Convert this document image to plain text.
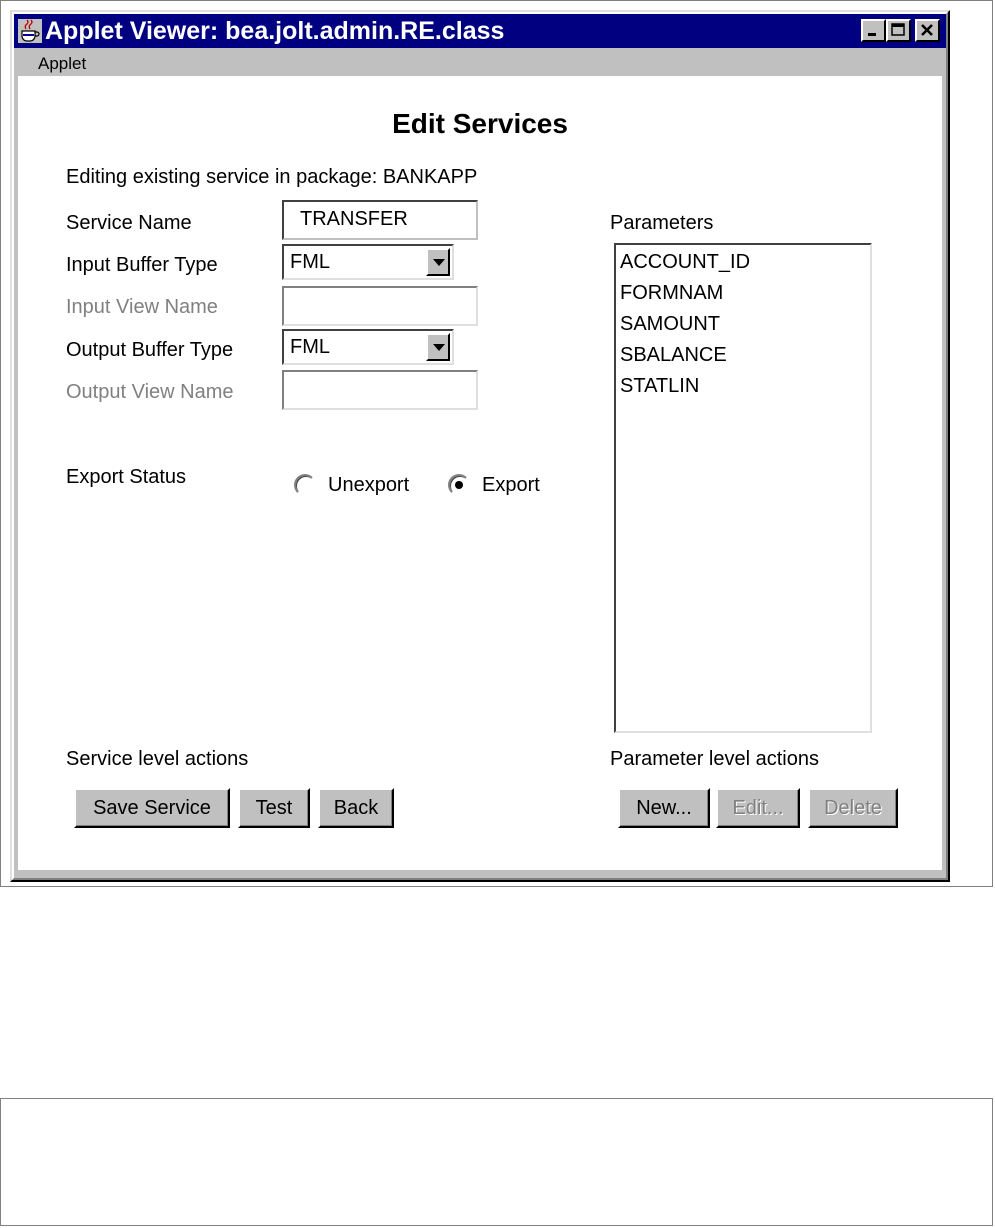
Applet Viewer: bea.jolt.admin.RE.class
Applet
Edit Services
Editing existing service in package: BANKAPP
Service Name	TRANSFER
Input Buffer Type	FML
Input View Name
Output Buffer Type	FML
Output View Name
Export Status	Unexport	Export
Parameters
ACCOUNT_ID
FORMNAM
SAMOUNT
SBALANCE
STATLIN
Service level actions
Save Service	Test	Back
Parameter level actions
New...	Edit...	Delete
